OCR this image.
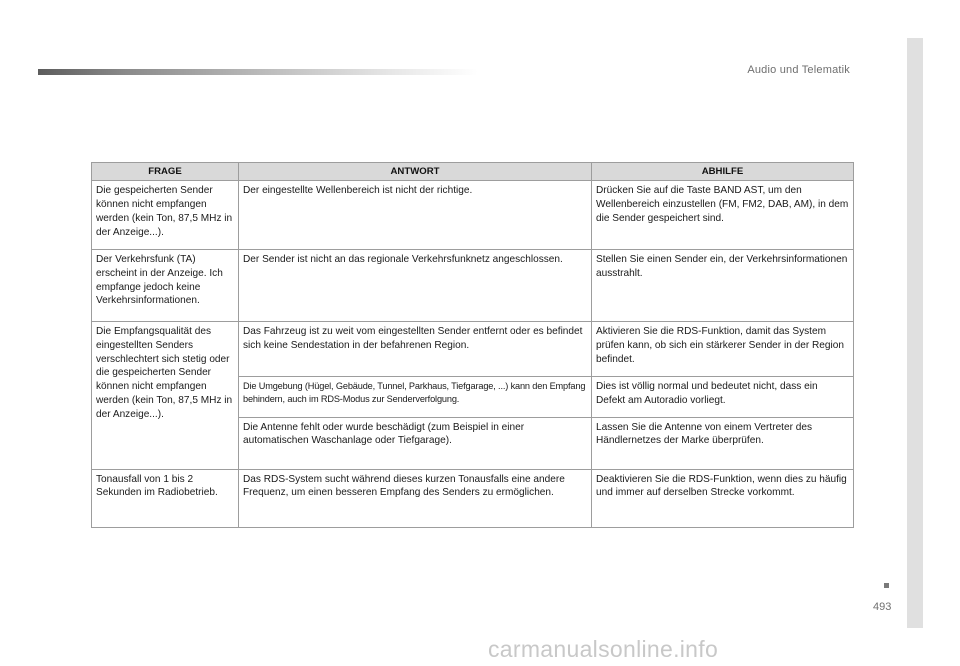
Audio und Telematik
493
FRAGE	ANTWORT	ABHILFE
Die gespeicherten Sender können nicht empfangen werden (kein Ton, 87,5 MHz in der Anzeige...).	Der eingestellte Wellenbereich ist nicht der richtige.	Drücken Sie auf die Taste BAND AST, um den Wellenbereich einzustellen (FM, FM2, DAB, AM), in dem die Sender gespeichert sind.
Der Verkehrsfunk (TA) erscheint in der Anzeige. Ich empfange jedoch keine Verkehrsinformationen.	Der Sender ist nicht an das regionale Verkehrsfunknetz angeschlossen.	Stellen Sie einen Sender ein, der Verkehrsinformationen ausstrahlt.
Die Empfangsqualität des eingestellten Senders verschlechtert sich stetig oder die gespeicherten Sender können nicht empfangen werden (kein Ton, 87,5 MHz in der Anzeige...).	Das Fahrzeug ist zu weit vom eingestellten Sender entfernt oder es befindet sich keine Sendestation in der befahrenen Region.	Aktivieren Sie die RDS-Funktion, damit das System prüfen kann, ob sich ein stärkerer Sender in der Region befindet.
	Die Umgebung (Hügel, Gebäude, Tunnel, Parkhaus, Tiefgarage, ...) kann den Empfang behindern, auch im RDS-Modus zur Senderverfolgung.	Dies ist völlig normal und bedeutet nicht, dass ein Defekt am Autoradio vorliegt.
	Die Antenne fehlt oder wurde beschädigt (zum Beispiel in einer automatischen Waschanlage oder Tiefgarage).	Lassen Sie die Antenne von einem Vertreter des Händlernetzes der Marke überprüfen.
Tonausfall von 1 bis 2 Sekunden im Radiobetrieb.	Das RDS-System sucht während dieses kurzen Tonausfalls eine andere Frequenz, um einen besseren Empfang des Senders zu ermöglichen.	Deaktivieren Sie die RDS-Funktion, wenn dies zu häufig und immer auf derselben Strecke vorkommt.
carmanualsonline.info
